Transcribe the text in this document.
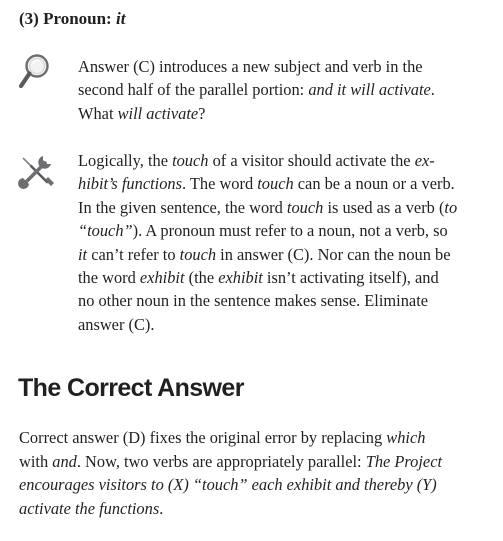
(3) Pronoun: it

Answer (C) introduces a new subject and verb in the

second half of the parallel portion: and it will activate.

What will activate?

Logically, the touch of a visitor should activate the ex-

hibit’s functions. The word touch can be a noun or a verb.

In the given sentence, the word touch is used as a verb (to

“touch”). A pronoun must refer to a noun, not a verb, so

it can’t refer to touch in answer (C). Nor can the noun be

the word exhibit (the exhibit isn’t activating itself), and

no other noun in the sentence makes sense. Eliminate

answer (C).

The Correct Answer

Correct answer (D) fixes the original error by replacing which

with and. Now, two verbs are appropriately parallel: The Project

encourages visitors to (X) “touch” each exhibit and thereby (Y)

activate the functions.
